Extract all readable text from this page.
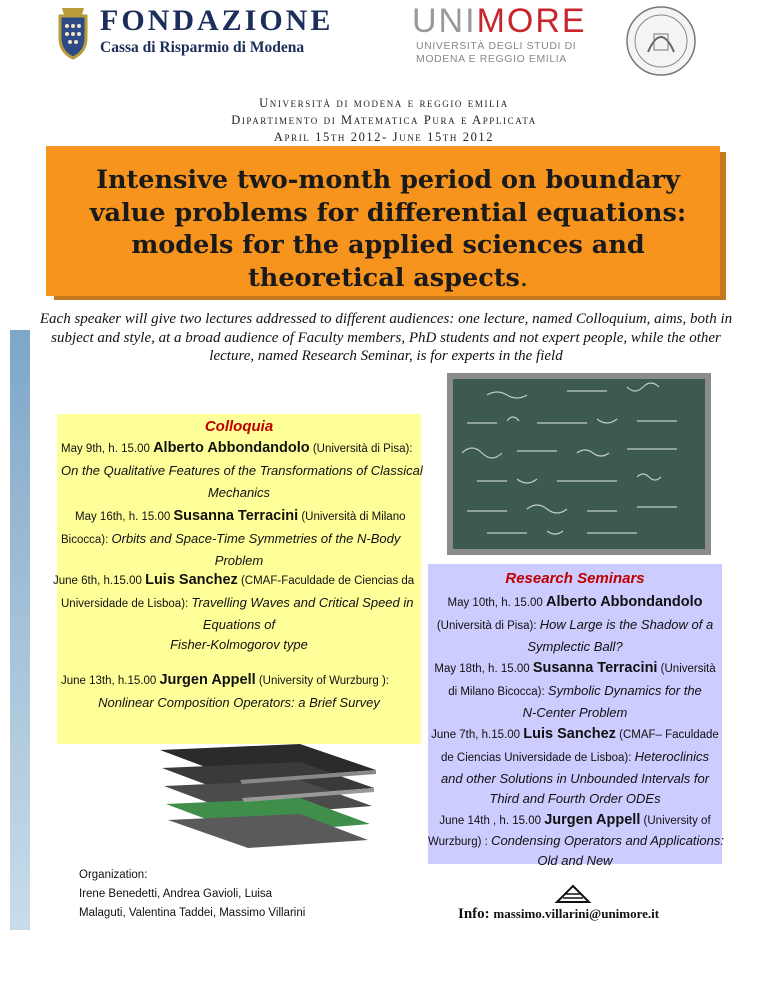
FONDAZIONE
Cassa di Risparmio di Modena
UNIMORE
UNIVERSITÀ DEGLI STUDI DI
MODENA E REGGIO EMILIA
Università di modena e reggio emilia
Dipartimento di Matematica Pura e Applicata
April 15th 2012- June 15th 2012
Intensive two-month period on boundary value problems for differential equations: models for the applied sciences and theoretical aspects.
Each speaker will give two lectures addressed to different audiences: one lecture, named Colloquium, aims, both in subject and style, at a broad audience of Faculty members, PhD students and not expert people, while the other lecture, named Research Seminar, is for experts in the field
Colloquia
May 9th, h. 15.00 Alberto Abbondandolo (Università di Pisa):
On the Qualitative Features of the Transformations of Classical
Mechanics
May 16th, h. 15.00 Susanna Terracini (Università di Milano
Bicocca): Orbits and Space-Time Symmetries of the N-Body
Problem
June 6th, h.15.00 Luis Sanchez (CMAF-Faculdade de Ciencias da
Universidade de Lisboa): Travelling Waves and Critical Speed in
Equations of
Fisher-Kolmogorov type
June 13th, h.15.00 Jurgen Appell (University of Wurzburg ):
Nonlinear Composition Operators: a Brief Survey
Research Seminars
May 10th, h. 15.00 Alberto Abbondandolo
(Università di Pisa): How Large is the Shadow of a
Symplectic Ball?
May 18th, h. 15.00 Susanna Terracini (Università
di Milano Bicocca): Symbolic Dynamics for the
N-Center Problem
June 7th, h.15.00 Luis Sanchez (CMAF– Faculdade
de Ciencias Universidade de Lisboa): Heteroclinics
and other Solutions in Unbounded Intervals for
Third and Fourth Order ODEs
June 14th , h. 15.00 Jurgen Appell (University of
Wurzburg) : Condensing Operators and Applications:
Old and New
Organization:
Irene Benedetti, Andrea Gavioli, Luisa
Malaguti, Valentina Taddei, Massimo Villarini	Info: massimo.villarini@unimore.it
